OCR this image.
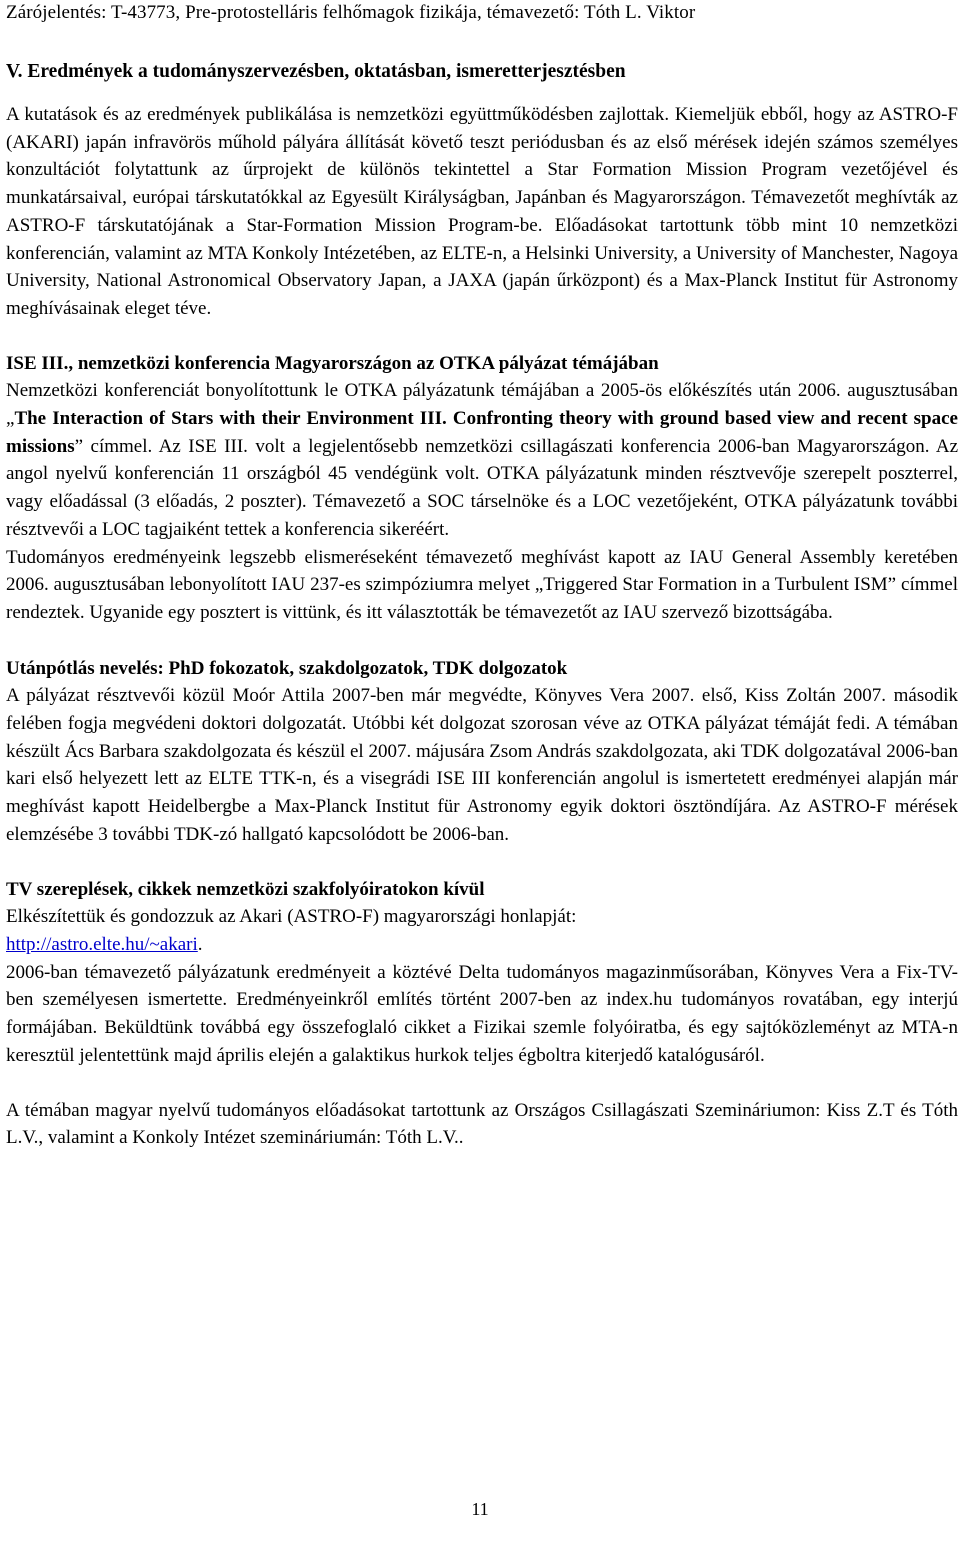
Zárójelentés: T-43773, Pre-protostelláris felhőmagok fizikája, témavezető: Tóth L. Viktor
V. Eredmények a tudományszervezésben, oktatásban, ismeretterjesztésben

A kutatások és az eredmények publikálása is nemzetközi együttműködésben zajlottak. Kiemeljük ebből, hogy az ASTRO-F (AKARI) japán infravörös műhold pályára állítását követő teszt periódusban és az első mérések idején számos személyes konzultációt folytattunk az űrprojekt de különös tekintettel a Star Formation Mission Program vezetőjével és munkatársaival, európai társkutatókkal az Egyesült Királyságban, Japánban és Magyarországon. Témavezetőt meghívták az ASTRO-F társkutatójának a Star-Formation Mission Program-be. Előadásokat tartottunk több mint 10 nemzetközi konferencián, valamint az MTA Konkoly Intézetében, az ELTE-n, a Helsinki University, a University of Manchester, Nagoya University, National Astronomical Observatory Japan, a JAXA (japán űrközpont) és a Max-Planck Institut für Astronomy meghívásainak eleget téve.

ISE III., nemzetközi konferencia Magyarországon az OTKA pályázat témájában

Nemzetközi konferenciát bonyolítottunk le OTKA pályázatunk témájában a 2005-ös előkészítés után 2006. augusztusában „The Interaction of Stars with their Environment III. Confronting theory with ground based view and recent space missions” címmel. Az ISE III. volt a legjelentősebb nemzetközi csillagászati konferencia 2006-ban Magyarországon. Az angol nyelvű konferencián 11 országból 45 vendégünk volt. OTKA pályázatunk minden résztvevője szerepelt poszterrel, vagy előadással (3 előadás, 2 poszter). Témavezető a SOC társelnöke és a LOC vezetőjeként, OTKA pályázatunk további résztvevői a LOC tagjaiként tettek a konferencia sikeréért.

Tudományos eredményeink legszebb elismeréseként témavezető meghívást kapott az IAU General Assembly keretében 2006. augusztusában lebonyolított IAU 237-es szimpóziumra melyet „Triggered Star Formation in a Turbulent ISM” címmel rendeztek. Ugyanide egy posztert is vittünk, és itt választották be témavezetőt az IAU szervező bizottságába.

Utánpótlás nevelés: PhD fokozatok, szakdolgozatok, TDK dolgozatok

A pályázat résztvevői közül Moór Attila 2007-ben már megvédte, Könyves Vera 2007. első, Kiss Zoltán 2007. második felében fogja megvédeni doktori dolgozatát. Utóbbi két dolgozat szorosan véve az OTKA pályázat témáját fedi. A témában készült Ács Barbara szakdolgozata és készül el 2007. májusára Zsom András szakdolgozata, aki TDK dolgozatával 2006-ban kari első helyezett lett az ELTE TTK-n, és a visegrádi ISE III konferencián angolul is ismertetett eredményei alapján már meghívást kapott Heidelbergbe a Max-Planck Institut für Astronomy egyik doktori ösztöndíjára. Az ASTRO-F mérések elemzésébe 3 további TDK-zó hallgató kapcsolódott be 2006-ban.

TV szereplések, cikkek nemzetközi szakfolyóiratokon kívül

Elkészítettük és gondozzuk az Akari (ASTRO-F) magyarországi honlapját:

http://astro.elte.hu/~akari.

2006-ban témavezető pályázatunk eredményeit a köztévé Delta tudományos magazinműsorában, Könyves Vera a Fix-TV-ben személyesen ismertette. Eredményeinkről említés történt 2007-ben az index.hu tudományos rovatában, egy interjú formájában. Beküldtünk továbbá egy összefoglaló cikket a Fizikai szemle folyóiratba, és egy sajtóközleményt az MTA-n keresztül jelentettünk majd április elején a galaktikus hurkok teljes égboltra kiterjedő katalógusáról.

A témában magyar nyelvű tudományos előadásokat tartottunk az Országos Csillagászati Szemináriumon: Kiss Z.T és Tóth L.V., valamint a Konkoly Intézet szemináriumán: Tóth L.V..

11
